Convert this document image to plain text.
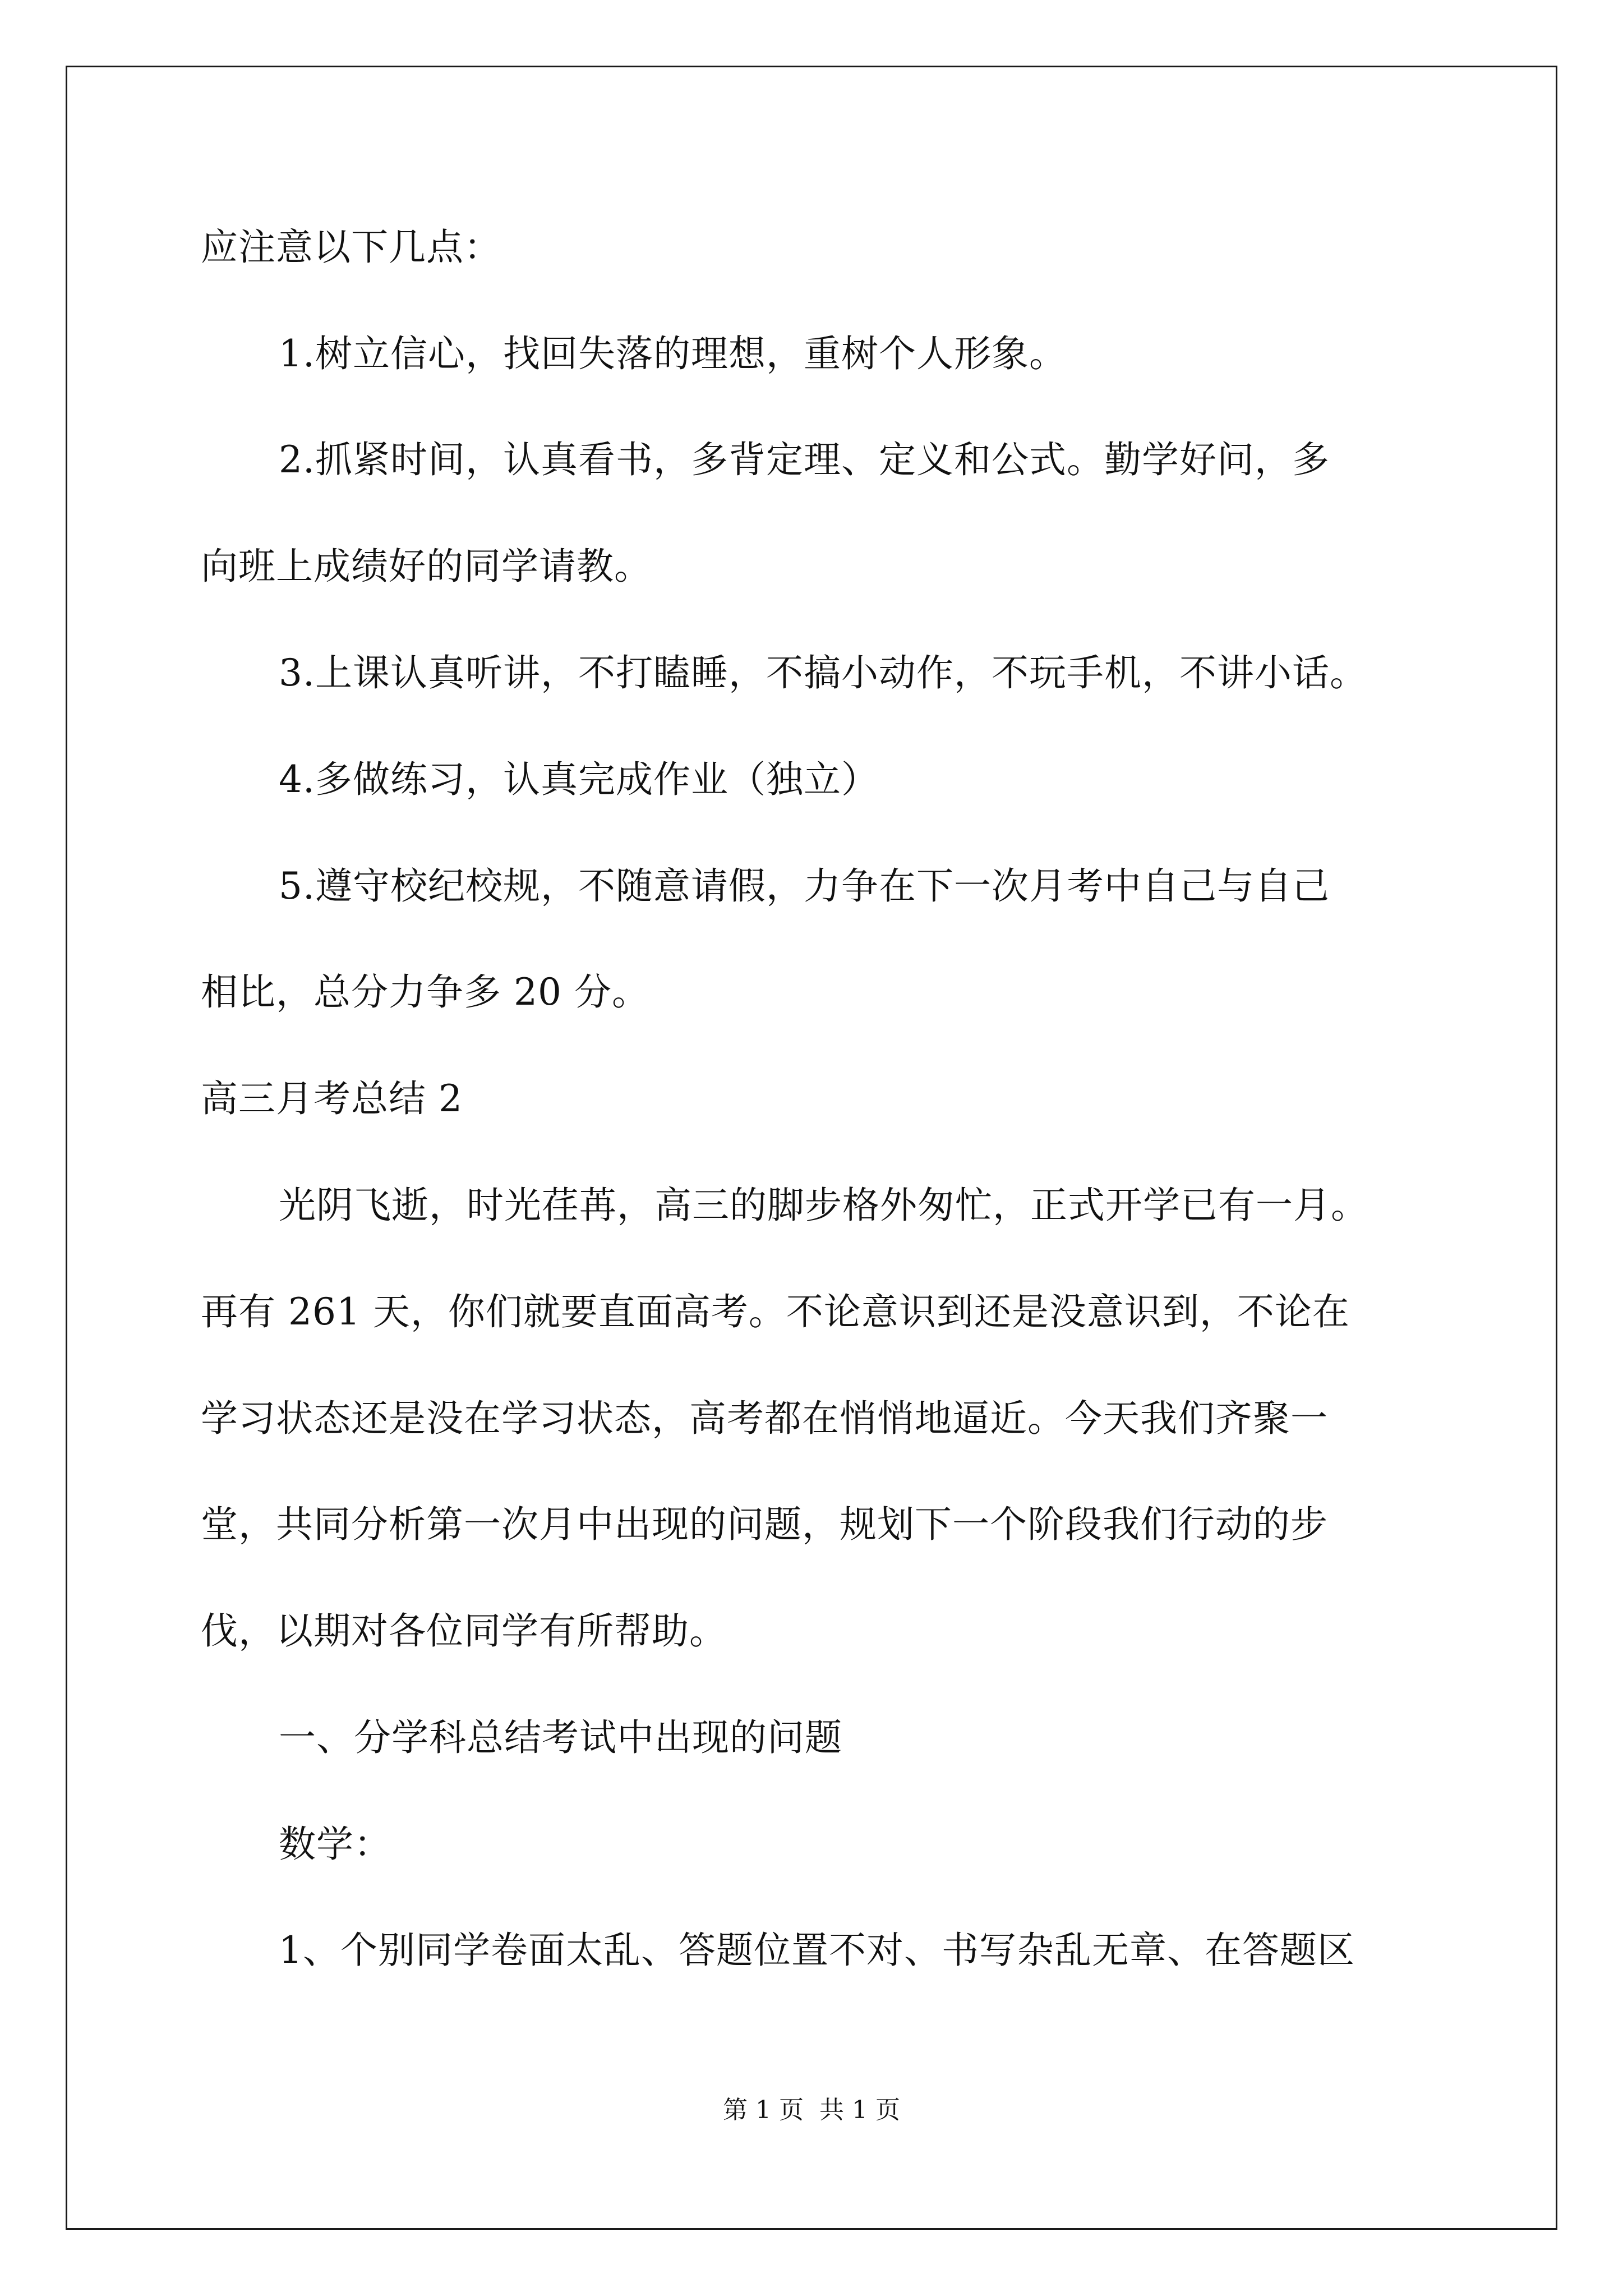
应注意以下几点：
1.树立信心，找回失落的理想，重树个人形象。
2.抓紧时间，认真看书，多背定理、定义和公式。勤学好问，多
向班上成绩好的同学请教。
3.上课认真听讲，不打瞌睡，不搞小动作，不玩手机，不讲小话。
4.多做练习，认真完成作业（独立）
5.遵守校纪校规，不随意请假，力争在下一次月考中自己与自己
相比，总分力争多 20 分。
高三月考总结 2
光阴飞逝，时光荏苒，高三的脚步格外匆忙，正式开学已有一月。
再有 261 天，你们就要直面高考。不论意识到还是没意识到，不论在
学习状态还是没在学习状态，高考都在悄悄地逼近。今天我们齐聚一
堂，共同分析第一次月中出现的问题，规划下一个阶段我们行动的步
伐，以期对各位同学有所帮助。
一、分学科总结考试中出现的问题
数学：
1、个别同学卷面太乱、答题位置不对、书写杂乱无章、在答题区
第 1 页 共 1 页
